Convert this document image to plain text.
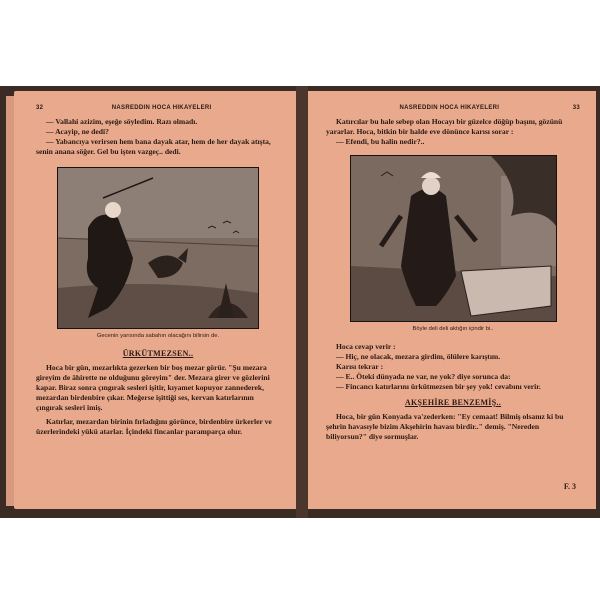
32	NASREDDIN HOCA HIKAYELERI

— Vallahi azizim, eşeğe söyledim. Razı olmadı.

— Acayip, ne dedi?

— Yabancıya verirsen hem bana dayak atar, hem de her dayak atışta, senin anana söğer. Gel bu işten vazgeç.. dedi.

Gecenin yarısında sabahın olacağını bilirsin de.
ÜRKÜTMEZSEN..

Hoca bir gün, mezarlıkta gezerken bir boş mezar görür. "Şu mezara gireyim de âhirette ne olduğunu göreyim" der. Mezara girer ve gözlerini kapar. Biraz sonra çıngırak sesleri işitir, kıyamet kopuyor zannederek, mezardan birdenbire çıkar. Meğerse işittiği ses, kervan katırlarının çıngırak sesleri imiş.

Katırlar, mezardan birinin fırladığını görünce, birdenbire ürkerler ve üzerlerindeki yükü atarlar. İçindeki fincanlar paramparça olur.

NASREDDIN HOCA HIKAYELERI	33

Katırcılar bu hale sebep olan Hocayı bir güzelce döğüp başını, gözünü yararlar. Hoca, bitkin bir halde eve dönünce karısı sorar :

— Efendi, bu halin nedir?..

Böyle deli deli aktığın içindir bi..

Hoca cevap verir :

— Hiç, ne olacak, mezara girdim, ölülere karıştım.

Karısı tekrar :

— E.. Öteki dünyada ne var, ne yok? diye sorunca da:

— Fincancı katırlarını ürkütmezsen bir şey yok! cevabını verir.

AKŞEHİRE BENZEMİŞ..

Hoca, bir gün Konyada va'zederken: "Ey cemaat! Bilmiş olsanız ki bu şehrin havasıyle bizim Akşehirin havası birdir.." demiş. "Nereden biliyorsun?" diye sormuşlar.

F. 3
